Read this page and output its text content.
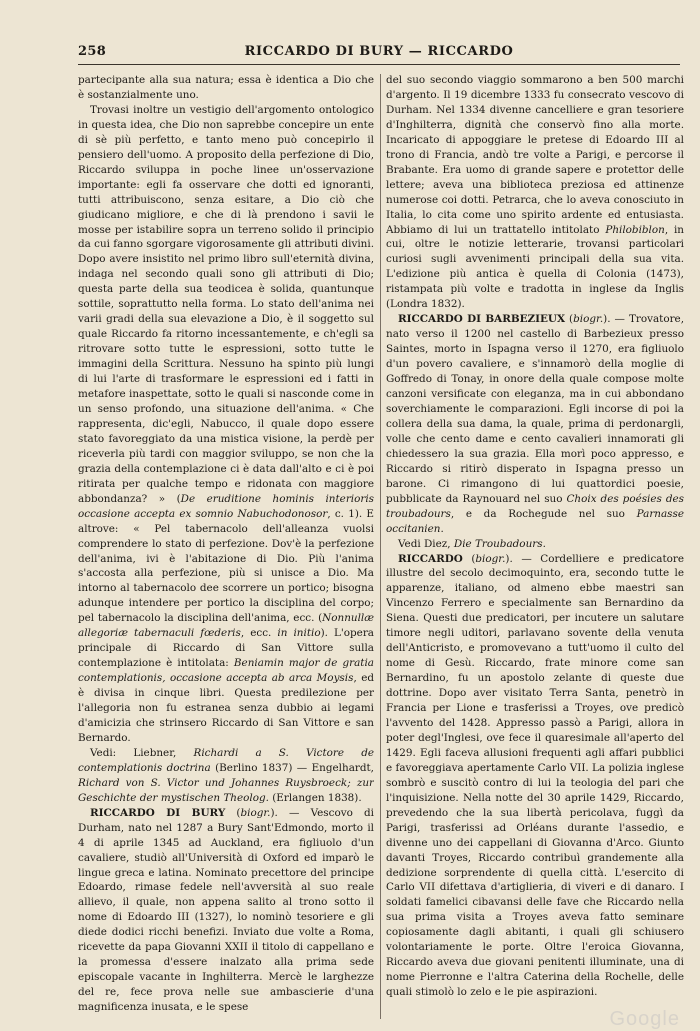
258	RICCARDO DI BURY — RICCARDO

partecipante alla sua natura; essa è identica a Dio che è sostanzialmente uno.

Trovasi inoltre un vestigio dell'argomento ontologico in questa idea, che Dio non saprebbe concepire un ente di sè più perfetto, e tanto meno può concepirlo il pensiero dell'uomo. A proposito della perfezione di Dio, Riccardo sviluppa in poche linee un'osservazione importante: egli fa osservare che dotti ed ignoranti, tutti attribuiscono, senza esitare, a Dio ciò che giudicano migliore, e che di là prendono i savii le mosse per istabilire sopra un terreno solido il principio da cui fanno sgorgare vigorosamente gli attributi divini. Dopo avere insistito nel primo libro sull'eternità divina, indaga nel secondo quali sono gli attributi di Dio; questa parte della sua teodicea è solida, quantunque sottile, soprattutto nella forma. Lo stato dell'anima nei varii gradi della sua elevazione a Dio, è il soggetto sul quale Riccardo fa ritorno incessantemente, e ch'egli sa ritrovare sotto tutte le espressioni, sotto tutte le immagini della Scrittura. Nessuno ha spinto più lungi di lui l'arte di trasformare le espressioni ed i fatti in metafore inaspettate, sotto le quali si nasconde come in un senso profondo, una situazione dell'anima. « Che rappresenta, dic'egli, Nabucco, il quale dopo essere stato favoreggiato da una mistica visione, la perdè per riceverla più tardi con maggior sviluppo, se non che la grazia della contemplazione ci è data dall'alto e ci è poi ritirata per qualche tempo e ridonata con maggiore abbondanza? » (De eruditione hominis interioris occasione accepta ex somnio Nabuchodonosor, c. 1). E altrove: « Pel tabernacolo dell'alleanza vuolsi comprendere lo stato di perfezione. Dov'è la perfezione dell'anima, ivi è l'abitazione di Dio. Più l'anima s'accosta alla perfezione, più si unisce a Dio. Ma intorno al tabernacolo dee scorrere un portico; bisogna adunque intendere per portico la disciplina del corpo; pel tabernacolo la disciplina dell'anima, ecc. (Nonnullæ allegoriæ tabernaculi fœderis, ecc. in initio). L'opera principale di Riccardo di San Vittore sulla contemplazione è intitolata: Beniamin major de gratia contemplationis, occasione accepta ab arca Moysis, ed è divisa in cinque libri. Questa predilezione per l'allegoria non fu estranea senza dubbio ai legami d'amicizia che strinsero Riccardo di San Vittore e san Bernardo.

Vedi: Liebner, Richardi a S. Victore de contemplationis doctrina (Berlino 1837) — Engelhardt, Richard von S. Victor und Johannes Ruysbroeck; zur Geschichte der mystischen Theolog. (Erlangen 1838).

RICCARDO DI BURY (biogr.). — Vescovo di Durham, nato nel 1287 a Bury Sant'Edmondo, morto il 4 di aprile 1345 ad Auckland, era figliuolo d'un cavaliere, studiò all'Università di Oxford ed imparò le lingue greca e latina. Nominato precettore del principe Edoardo, rimase fedele nell'avversità al suo reale allievo, il quale, non appena salito al trono sotto il nome di Edoardo III (1327), lo nominò tesoriere e gli diede dodici ricchi benefizi. Inviato due volte a Roma, ricevette da papa Giovanni XXII il titolo di cappellano e la promessa d'essere inalzato alla prima sede episcopale vacante in Inghilterra. Mercè le larghezze del re, fece prova nelle sue ambascierie d'una magnificenza inusata, e le spese

del suo secondo viaggio sommarono a ben 500 marchi d'argento. Il 19 dicembre 1333 fu consecrato vescovo di Durham. Nel 1334 divenne cancelliere e gran tesoriere d'Inghilterra, dignità che conservò fino alla morte. Incaricato di appoggiare le pretese di Edoardo III al trono di Francia, andò tre volte a Parigi, e percorse il Brabante. Era uomo di grande sapere e protettor delle lettere; aveva una biblioteca preziosa ed attinenze numerose coi dotti. Petrarca, che lo aveva conosciuto in Italia, lo cita come uno spirito ardente ed entusiasta. Abbiamo di lui un trattatello intitolato Philobiblon, in cui, oltre le notizie letterarie, trovansi particolari curiosi sugli avvenimenti principali della sua vita. L'edizione più antica è quella di Colonia (1473), ristampata più volte e tradotta in inglese da Inglis (Londra 1832).

RICCARDO DI BARBEZIEUX (biogr.). — Trovatore, nato verso il 1200 nel castello di Barbezieux presso Saintes, morto in Ispagna verso il 1270, era figliuolo d'un povero cavaliere, e s'innamorò della moglie di Goffredo di Tonay, in onore della quale compose molte canzoni versificate con eleganza, ma in cui abbondano soverchiamente le comparazioni. Egli incorse di poi la collera della sua dama, la quale, prima di perdonargli, volle che cento dame e cento cavalieri innamorati gli chiedessero la sua grazia. Ella morì poco appresso, e Riccardo si ritirò disperato in Ispagna presso un barone. Ci rimangono di lui quattordici poesie, pubblicate da Raynouard nel suo Choix des poésies des troubadours, e da Rochegude nel suo Parnasse occitanien.

Vedi Diez, Die Troubadours.

RICCARDO (biogr.). — Cordelliere e predicatore illustre del secolo decimoquinto, era, secondo tutte le apparenze, italiano, od almeno ebbe maestri san Vincenzo Ferrero e specialmente san Bernardino da Siena. Questi due predicatori, per incutere un salutare timore negli uditori, parlavano sovente della venuta dell'Anticristo, e promovevano a tutt'uomo il culto del nome di Gesù. Riccardo, frate minore come san Bernardino, fu un apostolo zelante di queste due dottrine. Dopo aver visitato Terra Santa, penetrò in Francia per Lione e trasferissi a Troyes, ove predicò l'avvento del 1428. Appresso passò a Parigi, allora in poter degl'Inglesi, ove fece il quaresimale all'aperto del 1429. Egli faceva allusioni frequenti agli affari pubblici e favoreggiava apertamente Carlo VII. La polizia inglese sombrò e suscitò contro di lui la teologia del pari che l'inquisizione. Nella notte del 30 aprile 1429, Riccardo, prevedendo che la sua libertà pericolava, fuggì da Parigi, trasferissi ad Orléans durante l'assedio, e divenne uno dei cappellani di Giovanna d'Arco. Giunto davanti Troyes, Riccardo contribuì grandemente alla dedizione sorprendente di quella città. L'esercito di Carlo VII difettava d'artiglieria, di viveri e di danaro. I soldati famelici cibavansi delle fave che Riccardo nella sua prima visita a Troyes aveva fatto seminare copiosamente dagli abitanti, i quali gli schiusero volontariamente le porte. Oltre l'eroica Giovanna, Riccardo aveva due giovani penitenti illuminate, una di nome Pierronne e l'altra Caterina della Rochelle, delle quali stimolò lo zelo e le pie aspirazioni.

Google
